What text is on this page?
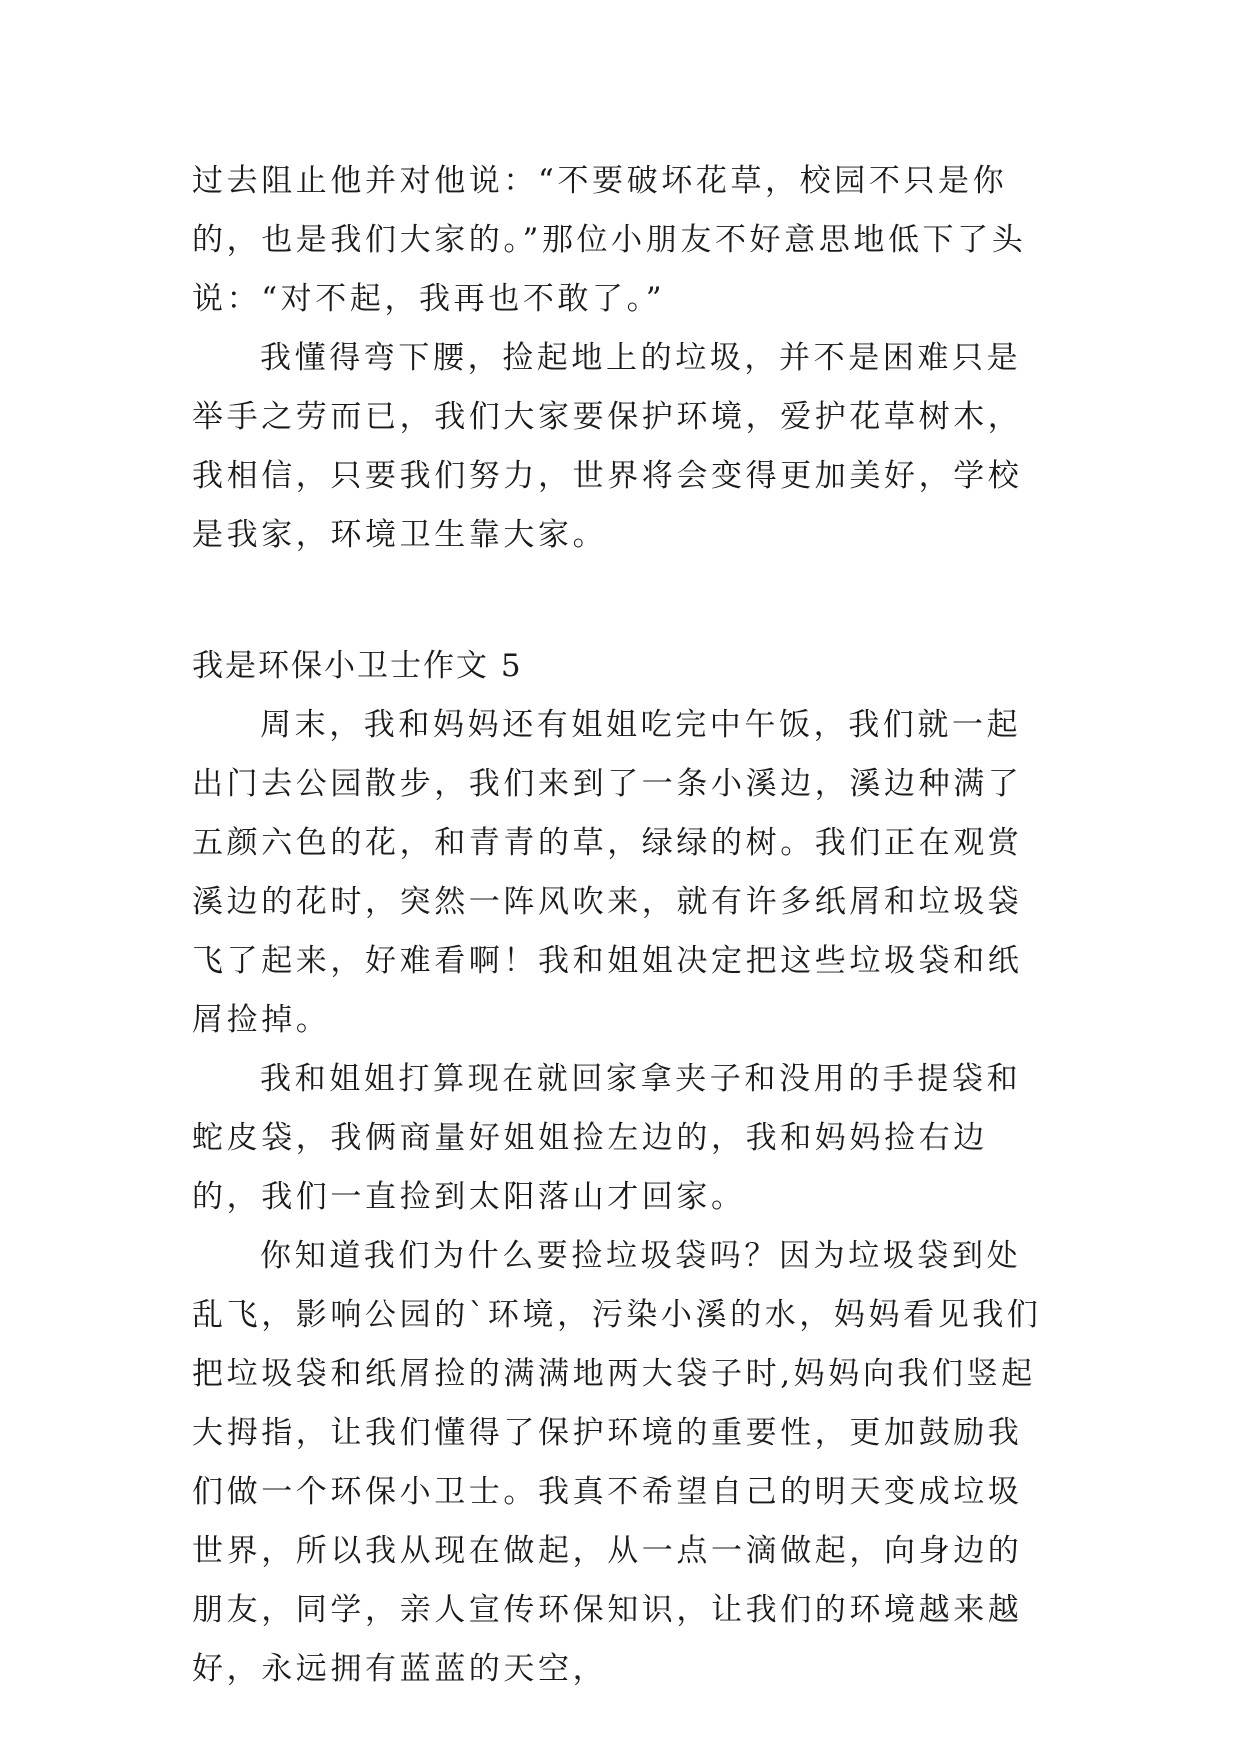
过去阻止他并对他说：“不要破坏花草，校园不只是你的，也是我们大家的。”那位小朋友不好意思地低下了头说：“对不起，我再也不敢了。”

我懂得弯下腰，捡起地上的垃圾，并不是困难只是举手之劳而已，我们大家要保护环境，爱护花草树木，我相信，只要我们努力，世界将会变得更加美好，学校是我家，环境卫生靠大家。

我是环保小卫士作文 5

周末，我和妈妈还有姐姐吃完中午饭，我们就一起出门去公园散步，我们来到了一条小溪边，溪边种满了五颜六色的花，和青青的草，绿绿的树。我们正在观赏溪边的花时，突然一阵风吹来，就有许多纸屑和垃圾袋飞了起来，好难看啊！我和姐姐决定把这些垃圾袋和纸屑捡掉。

我和姐姐打算现在就回家拿夹子和没用的手提袋和蛇皮袋，我俩商量好姐姐捡左边的，我和妈妈捡右边的，我们一直捡到太阳落山才回家。

你知道我们为什么要捡垃圾袋吗？因为垃圾袋到处乱飞，影响公园的`环境，污染小溪的水，妈妈看见我们把垃圾袋和纸屑捡的满满地两大袋子时,妈妈向我们竖起大拇指，让我们懂得了保护环境的重要性，更加鼓励我们做一个环保小卫士。我真不希望自己的明天变成垃圾世界，所以我从现在做起，从一点一滴做起，向身边的朋友，同学，亲人宣传环保知识，让我们的环境越来越好，永远拥有蓝蓝的天空，
